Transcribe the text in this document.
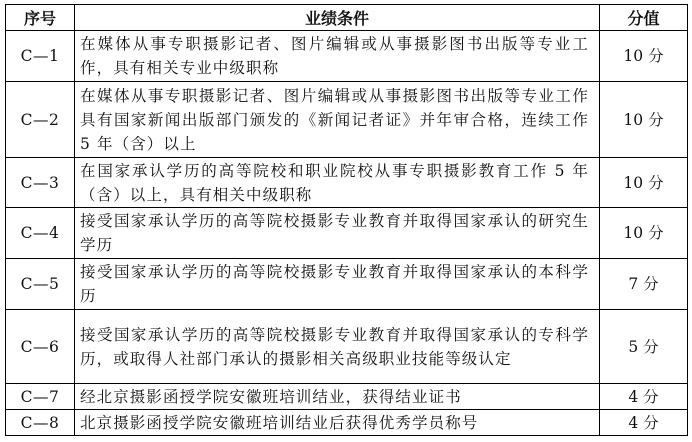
序号	业绩条件	分值
C—1	在媒体从事专职摄影记者、图片编辑或从事摄影图书出版等专业工作，具有相关专业中级职称	10 分
C—2	在媒体从事专职摄影记者、图片编辑或从事摄影图书出版等专业工作具有国家新闻出版部门颁发的《新闻记者证》并年审合格，连续工作 5 年（含）以上	10 分
C—3	在国家承认学历的高等院校和职业院校从事专职摄影教育工作 5 年（含）以上，具有相关中级职称	10 分
C—4	接受国家承认学历的高等院校摄影专业教育并取得国家承认的研究生学历	10 分
C—5	接受国家承认学历的高等院校摄影专业教育并取得国家承认的本科学历	7 分
C—6	接受国家承认学历的高等院校摄影专业教育并取得国家承认的专科学历，或取得人社部门承认的摄影相关高级职业技能等级认定	5 分
C—7	经北京摄影函授学院安徽班培训结业，获得结业证书	4 分
C—8	北京摄影函授学院安徽班培训结业后获得优秀学员称号	4 分
